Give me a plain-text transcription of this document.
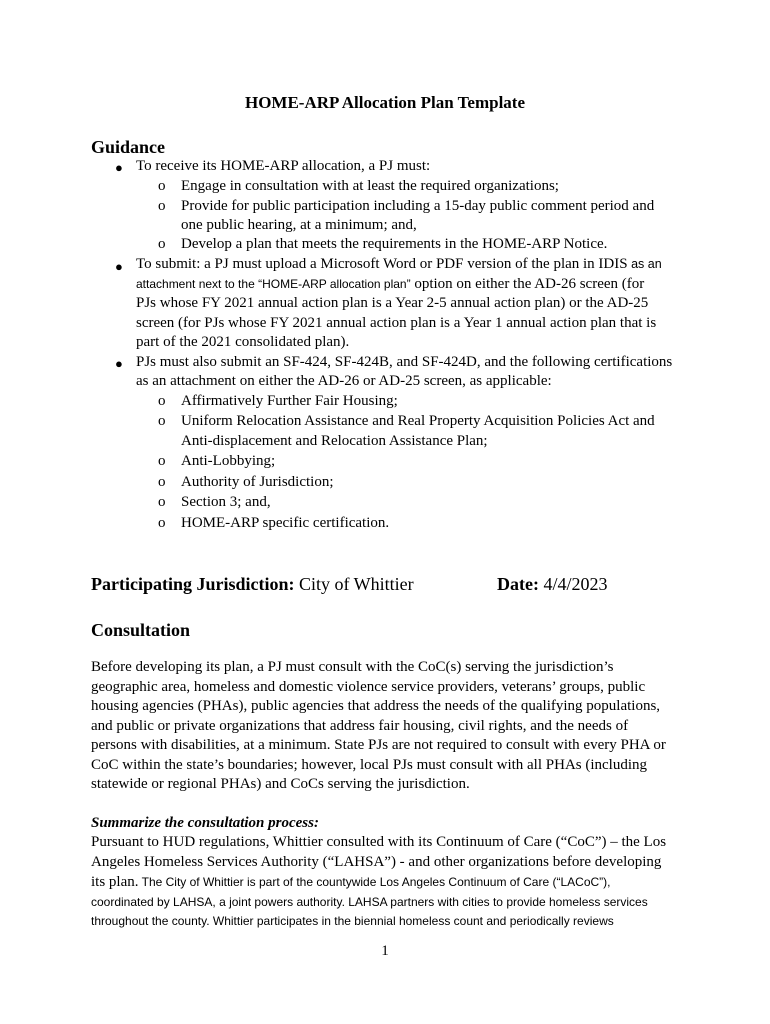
HOME-ARP Allocation Plan Template
Guidance
● To receive its HOME-ARP allocation, a PJ must:
o Engage in consultation with at least the required organizations;
o Provide for public participation including a 15-day public comment period and
one public hearing, at a minimum; and,
o Develop a plan that meets the requirements in the HOME-ARP Notice.
● To submit: a PJ must upload a Microsoft Word or PDF version of the plan in IDIS as an
attachment next to the “HOME-ARP allocation plan” option on either the AD-26 screen (for
PJs whose FY 2021 annual action plan is a Year 2-5 annual action plan) or the AD-25
screen (for PJs whose FY 2021 annual action plan is a Year 1 annual action plan that is
part of the 2021 consolidated plan).
● PJs must also submit an SF-424, SF-424B, and SF-424D, and the following certifications
as an attachment on either the AD-26 or AD-25 screen, as applicable:
o Affirmatively Further Fair Housing;
o Uniform Relocation Assistance and Real Property Acquisition Policies Act and
Anti-displacement and Relocation Assistance Plan;
o Anti-Lobbying;
o Authority of Jurisdiction;
o Section 3; and,
o HOME-ARP specific certification.
Participating Jurisdiction: City of Whittier	Date: 4/4/2023
Consultation
Before developing its plan, a PJ must consult with the CoC(s) serving the jurisdiction’s
geographic area, homeless and domestic violence service providers, veterans’ groups, public
housing agencies (PHAs), public agencies that address the needs of the qualifying populations,
and public or private organizations that address fair housing, civil rights, and the needs of
persons with disabilities, at a minimum. State PJs are not required to consult with every PHA or
CoC within the state’s boundaries; however, local PJs must consult with all PHAs (including
statewide or regional PHAs) and CoCs serving the jurisdiction.
Summarize the consultation process:
Pursuant to HUD regulations, Whittier consulted with its Continuum of Care (“CoC”) – the Los
Angeles Homeless Services Authority (“LAHSA”) - and other organizations before developing
its plan. The City of Whittier is part of the countywide Los Angeles Continuum of Care (“LACoC”),
coordinated by LAHSA, a joint powers authority. LAHSA partners with cities to provide homeless services
throughout the county. Whittier participates in the biennial homeless count and periodically reviews
1
